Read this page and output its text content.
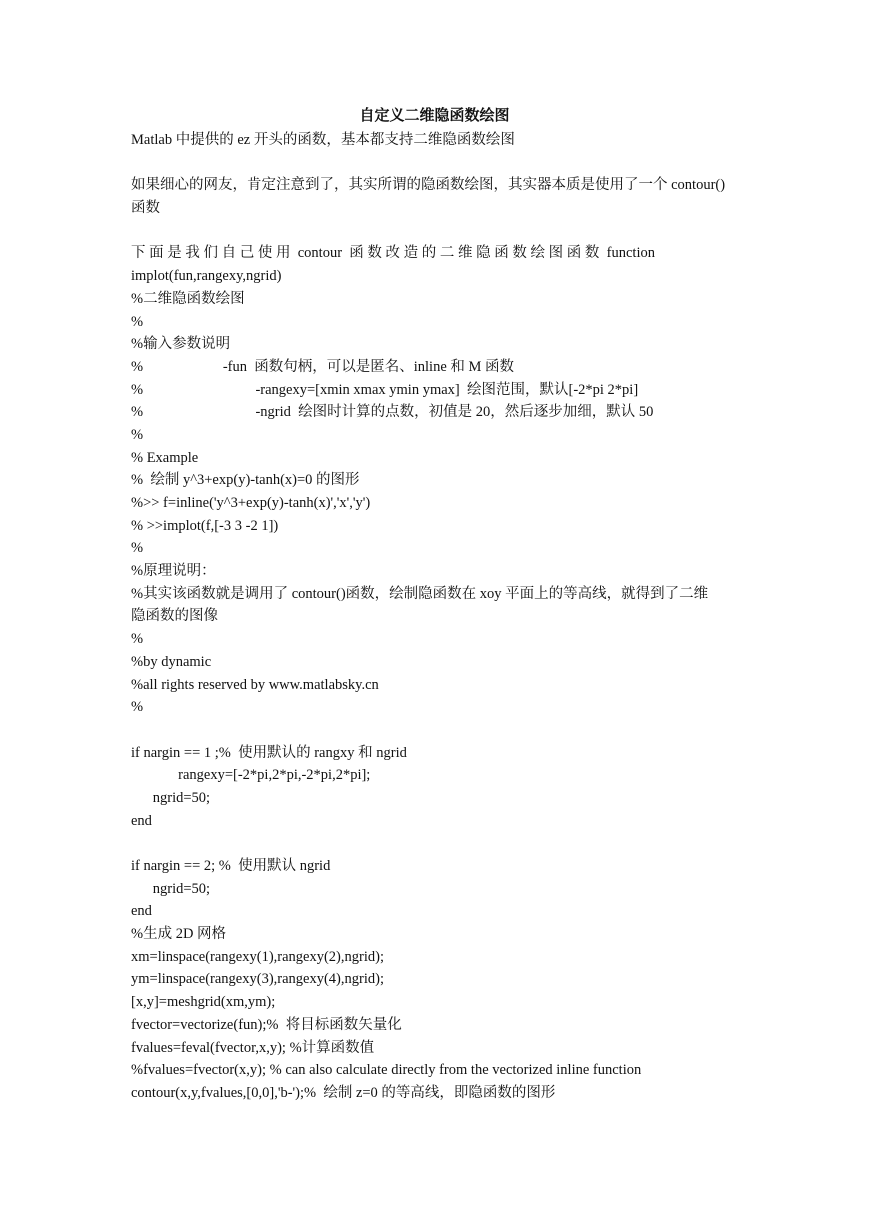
自定义二维隐函数绘图
Matlab 中提供的 ez 开头的函数，基本都支持二维隐函数绘图
如果细心的网友，肯定注意到了，其实所谓的隐函数绘图，其实器本质是使用了一个 contour()
函数
下 面 是 我 们 自 己 使 用  contour  函 数 改 造 的 二 维 隐 函 数 绘 图 函 数  function
implot(fun,rangexy,ngrid)
%二维隐函数绘图
%
%输入参数说明
%                      -fun  函数句柄，可以是匿名、inline 和 M 函数
%                               -rangexy=[xmin xmax ymin ymax]  绘图范围，默认[-2*pi 2*pi]
%                               -ngrid  绘图时计算的点数，初值是 20，然后逐步加细，默认 50
%
% Example
%  绘制 y^3+exp(y)-tanh(x)=0 的图形
%>> f=inline('y^3+exp(y)-tanh(x)','x','y')
% >>implot(f,[-3 3 -2 1])
%
%原理说明：
%其实该函数就是调用了 contour()函数，绘制隐函数在 xoy 平面上的等高线，就得到了二维
隐函数的图像
%
%by dynamic
%all rights reserved by www.matlabsky.cn
%
if nargin == 1 ;%  使用默认的 rangxy 和 ngrid
rangexy=[-2*pi,2*pi,-2*pi,2*pi];
ngrid=50;
end
if nargin == 2; %  使用默认 ngrid
ngrid=50;
end
%生成 2D 网格
xm=linspace(rangexy(1),rangexy(2),ngrid);
ym=linspace(rangexy(3),rangexy(4),ngrid);
[x,y]=meshgrid(xm,ym);
fvector=vectorize(fun);%  将目标函数矢量化
fvalues=feval(fvector,x,y); %计算函数值
%fvalues=fvector(x,y); % can also calculate directly from the vectorized inline function
contour(x,y,fvalues,[0,0],'b-');%  绘制 z=0 的等高线，即隐函数的图形
